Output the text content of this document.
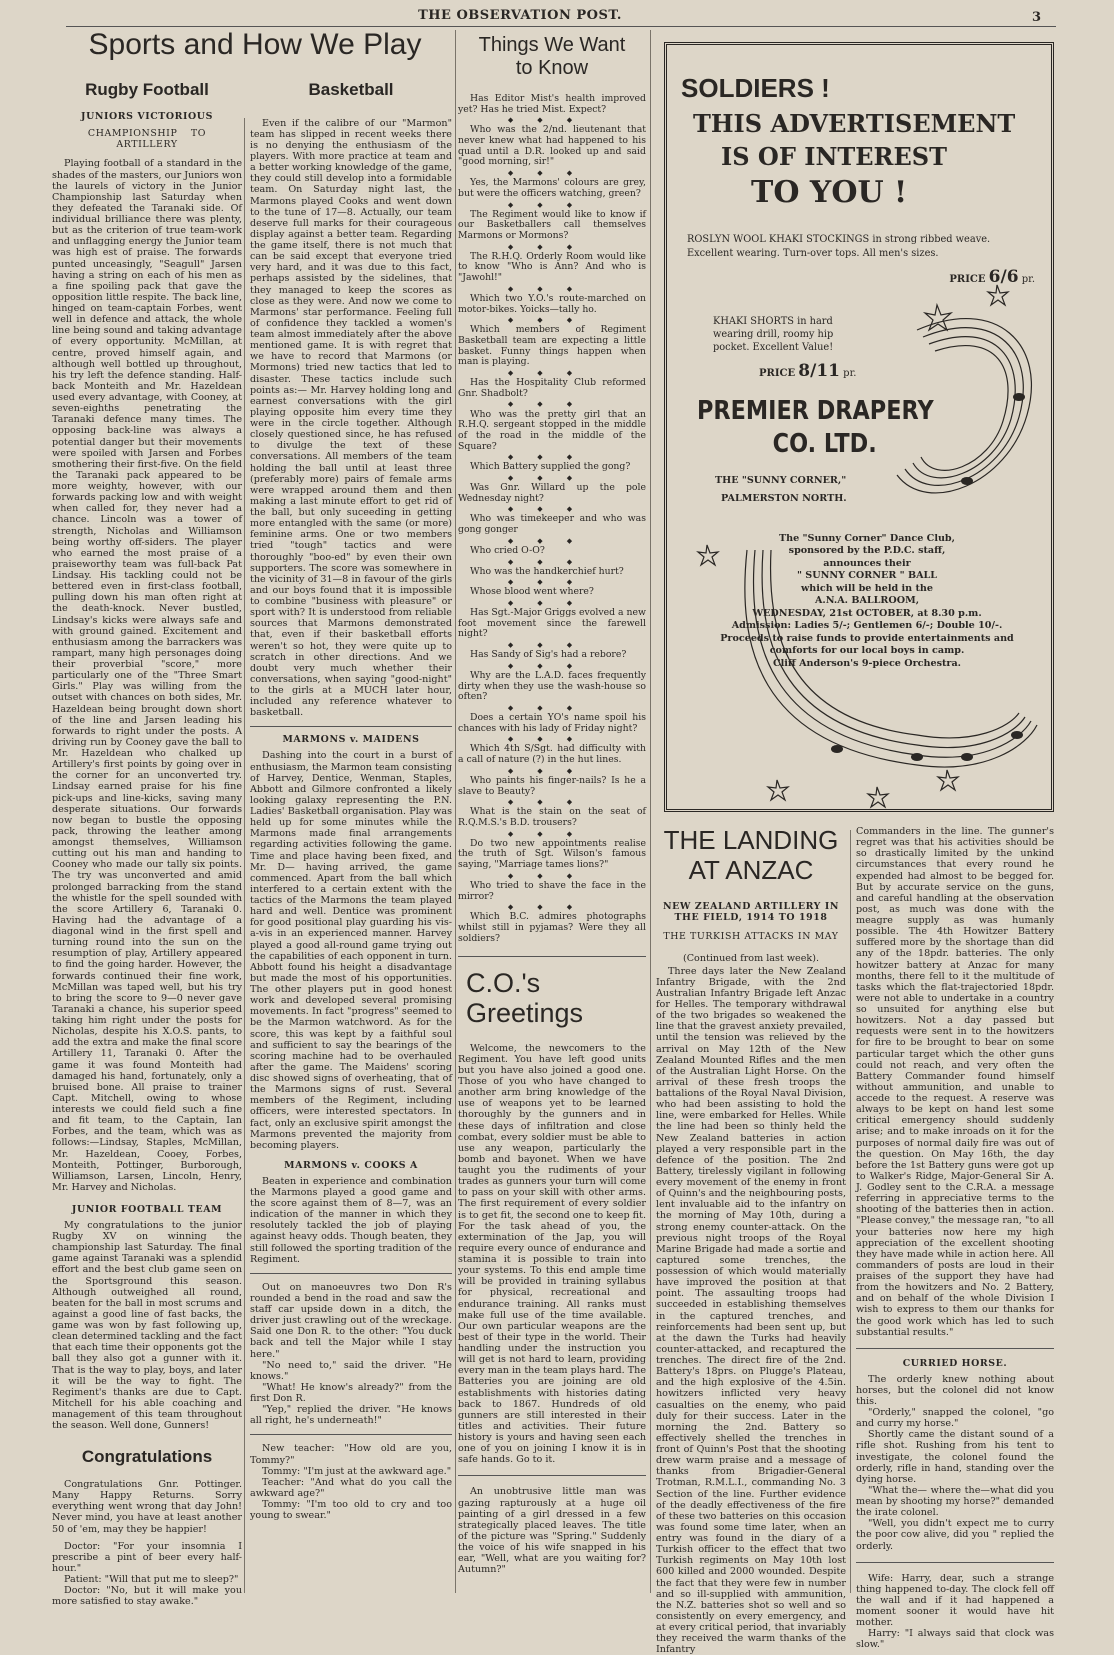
THE OBSERVATION POST.	3
Sports and How We Play
Rugby Football
JUNIORS VICTORIOUS
CHAMPIONSHIP TO ARTILLERY

Playing football of a standard in the shades of the masters, our Juniors won the laurels of victory in the Junior Championship last Saturday when they defeated the Taranaki side. Of individual brilliance there was plenty, but as the criterion of true team-work and unflagging energy the Junior team was high est of praise. The forwards punted unceasingly, "Seagull" Jarsen having a string on each of his men as a fine spoiling pack that gave the opposition little respite. The back line, hinged on team-captain Forbes, went well in defence and attack, the whole line being sound and taking advantage of every opportunity. McMillan, at centre, proved himself again, and although well bottled up throughout, his try left the defence standing. Half-back Monteith and Mr. Hazeldean used every advantage, with Cooney, at seven-eighths penetrating the Taranaki defence many times. The opposing back-line was always a potential danger but their movements were spoiled with Jarsen and Forbes smothering their first-five. On the field the Taranaki pack appeared to be more weighty, however, with our forwards packing low and with weight when called for, they never had a chance. Lincoln was a tower of strength, Nicholas and Williamson being worthy off-siders. The player who earned the most praise of a praiseworthy team was full-back Pat Lindsay. His tackling could not be bettered even in first-class football, pulling down his man often right at the death-knock. Never bustled, Lindsay's kicks were always safe and with ground gained. Excitement and enthusiasm among the barrackers was rampart, many high personages doing their proverbial "score," more particularly one of the "Three Smart Girls." Play was willing from the outset with chances on both sides, Mr. Hazeldean being brought down short of the line and Jarsen leading his forwards to right under the posts. A driving run by Cooney gave the ball to Mr. Hazeldean who chalked up Artillery's first points by going over in the corner for an unconverted try. Lindsay earned praise for his fine pick-ups and line-kicks, saving many desperate situations. Our forwards now began to bustle the opposing pack, throwing the leather among amongst themselves, Williamson cutting out his man and handing to Cooney who made our tally six points. The try was unconverted and amid prolonged barracking from the stand the whistle for the spell sounded with the score Artillery 6, Taranaki 0. Having had the advantage of a diagonal wind in the first spell and turning round into the sun on the resumption of play, Artillery appeared to find the going harder. However, the forwards continued their fine work, McMillan was taped well, but his try to bring the score to 9—0 never gave Taranaki a chance, his superior speed taking him right under the posts for Nicholas, despite his X.O.S. pants, to add the extra and make the final score Artillery 11, Taranaki 0. After the game it was found Monteith had damaged his hand, fortunately, only a bruised bone. All praise to trainer Capt. Mitchell, owing to whose interests we could field such a fine and fit team, to the Captain, Ian Forbes, and the team, which was as follows:—Lindsay, Staples, McMillan, Mr. Hazeldean, Cooey, Forbes, Monteith, Pottinger, Burborough, Williamson, Larsen, Lincoln, Henry, Mr. Harvey and Nicholas.

JUNIOR FOOTBALL TEAM

My congratulations to the junior Rugby XV on winning the championship last Saturday. The final game against Taranaki was a splendid effort and the best club game seen on the Sportsground this season. Although outweighed all round, beaten for the ball in most scrums and against a good line of fast backs, the game was won by fast following up, clean determined tackling and the fact that each time their opponents got the ball they also got a gunner with it. That is the way to play, boys, and later it will be the way to fight. The Regiment's thanks are due to Capt. Mitchell for his able coaching and management of this team throughout the season. Well done, Gunners!

Congratulations

Congratulations Gnr. Pottinger. Many Happy Returns. Sorry everything went wrong that day John! Never mind, you have at least another 50 of 'em, may they be happier!

Doctor: "For your insomnia I prescribe a pint of beer every half-hour."

Patient: "Will that put me to sleep?"

Doctor: "No, but it will make you more satisfied to stay awake."

Basketball

Even if the calibre of our "Marmon" team has slipped in recent weeks there is no denying the enthusiasm of the players. With more practice at team and a better working knowledge of the game, they could still develop into a formidable team. On Saturday night last, the Marmons played Cooks and went down to the tune of 17—8. Actually, our team deserve full marks for their courageous display against a better team. Regarding the game itself, there is not much that can be said except that everyone tried very hard, and it was due to this fact, perhaps assisted by the sidelines, that they managed to keep the scores as close as they were. And now we come to Marmons' star performance. Feeling full of confidence they tackled a women's team almost immediately after the above mentioned game. It is with regret that we have to record that Marmons (or Mormons) tried new tactics that led to disaster. These tactics include such points as:— Mr. Harvey holding long and earnest conversations with the girl playing opposite him every time they were in the circle together. Although closely questioned since, he has refused to divulge the text of these conversations. All members of the team holding the ball until at least three (preferably more) pairs of female arms were wrapped around them and then making a last minute effort to get rid of the ball, but only suceeding in getting more entangled with the same (or more) feminine arms. One or two members tried "tough" tactics and were thoroughly "boo-ed" by even their own supporters. The score was somewhere in the vicinity of 31—8 in favour of the girls and our boys found that it is impossible to combine "business with pleasure" or sport with? It is understood from reliable sources that Marmons demonstrated that, even if their basketball efforts weren't so hot, they were quite up to scratch in other directions. And we doubt very much whether their conversations, when saying "good-night" to the girls at a MUCH later hour, included any reference whatever to basketball.

MARMONS v. MAIDENS

Dashing into the court in a burst of enthusiasm, the Marmon team consisting of Harvey, Dentice, Wenman, Staples, Abbott and Gilmore confronted a likely looking galaxy representing the P.N. Ladies' Basketball organisation. Play was held up for some minutes while the Marmons made final arrangements regarding activities following the game. Time and place having been fixed, and Mr. D— having arrived, the game commenced. Apart from the ball which interfered to a certain extent with the tactics of the Marmons the team played hard and well. Dentice was prominent for good positional play guarding his vis-a-vis in an experienced manner. Harvey played a good all-round game trying out the capabilities of each opponent in turn. Abbott found his height a disadvantage but made the most of his opportunities. The other players put in good honest work and developed several promising movements. In fact "progress" seemed to be the Marmon watchword. As for the score, this was kept by a faithful soul and sufficient to say the bearings of the scoring machine had to be overhauled after the game. The Maidens' scoring disc showed signs of overheating, that of the Marmons signs of rust. Several members of the Regiment, including officers, were interested spectators. In fact, only an exclusive spirit amongst the Marmons prevented the majority from becoming players.

MARMONS v. COOKS A

Beaten in experience and combination the Marmons played a good game and the score against them of 8—7, was an indication of the manner in which they resolutely tackled the job of playing against heavy odds. Though beaten, they still followed the sporting tradition of the Regiment.

Out on manoeuvres two Don R's rounded a bend in the road and saw the staff car upside down in a ditch, the driver just crawling out of the wreckage. Said one Don R. to the other: "You duck back and tell the Major while I stay here."

"No need to," said the driver. "He knows."

"What! He know's already?" from the first Don R.

"Yep," replied the driver. "He knows all right, he's underneath!"

New teacher: "How old are you, Tommy?"

Tommy: "I'm just at the awkward age."

Teacher: "And what do you call the awkward age?"

Tommy: "I'm too old to cry and too young to swear."

Things We Want to Know

Has Editor Mist's health improved yet? Has he tried Mist. Expect?

◆◆◆

Who was the 2/nd. lieutenant that never knew what had happened to his quad until a D.R. looked up and said "good morning, sir!"

◆◆◆

Yes, the Marmons' colours are grey, but were the officers watching, green?

◆◆◆

The Regiment would like to know if our Basketballers call themselves Marmons or Mormons?

◆◆◆

The R.H.Q. Orderly Room would like to know "Who is Ann? And who is "Jawohl!"

◆◆◆

Which two Y.O.'s route-marched on motor-bikes. Yoicks—tally ho.

◆◆◆

Which members of Regiment Basketball team are expecting a little basket. Funny things happen when man is playing.

◆◆◆

Has the Hospitality Club reformed Gnr. Shadbolt?

◆◆◆

Who was the pretty girl that an R.H.Q. sergeant stopped in the middle of the road in the middle of the Square?

◆◆◆

Which Battery supplied the gong?

◆◆◆

Was Gnr. Willard up the pole Wednesday night?

◆◆◆

Who was timekeeper and who was gong gonger

◆◆◆

Who cried O-O?

◆◆◆

Who was the handkerchief hurt?

◆◆◆

Whose blood went where?

◆◆◆

Has Sgt.-Major Griggs evolved a new foot movement since the farewell night?

◆◆◆

Has Sandy of Sig's had a rebore?

◆◆◆

Why are the L.A.D. faces frequently dirty when they use the wash-house so often?

◆◆◆

Does a certain YO's name spoil his chances with his lady of Friday night?

◆◆◆

Which 4th S/Sgt. had difficulty with a call of nature (?) in the hut lines.

◆◆◆

Who paints his finger-nails? Is he a slave to Beauty?

◆◆◆

What is the stain on the seat of R.Q.M.S.'s B.D. trousers?

◆◆◆

Do two new appointments realise the truth of Sgt. Wilson's famous saying, "Marriage tames lions?"

◆◆◆

Who tried to shave the face in the mirror?

◆◆◆

Which B.C. admires photographs whilst still in pyjamas? Were they all soldiers?

C.O.'s
Greetings

Welcome, the newcomers to the Regiment. You have left good units but you have also joined a good one. Those of you who have changed to another arm bring knowledge of the use of weapons yet to be learned thoroughly by the gunners and in these days of infiltration and close combat, every soldier must be able to use any weapon, particularly the bomb and bayonet. When we have taught you the rudiments of your trades as gunners your turn will come to pass on your skill with other arms. The first requirement of every soldier is to get fit, the second one to keep fit. For the task ahead of you, the extermination of the Jap, you will require every ounce of endurance and stamina it is possible to train into your systems. To this end ample time will be provided in training syllabus for physical, recreational and endurance training. All ranks must make full use of the time available. Our own particular weapons are the best of their type in the world. Their handling under the instruction you will get is not hard to learn, providing every man in the team plays hard. The Batteries you are joining are old establishments with histories dating back to 1867. Hundreds of old gunners are still interested in their titles and activities. Their future history is yours and having seen each one of you on joining I know it is in safe hands. Go to it.

An unobtrusive little man was gazing rapturously at a huge oil painting of a girl dressed in a few strategically placed leaves. The title of the picture was "Spring." Suddenly the voice of his wife snapped in his ear, "Well, what are you waiting for? Autumn?"

SOLDIERS !
THIS ADVERTISEMENT
IS OF INTEREST
TO YOU !
ROSLYN WOOL KHAKI STOCKINGS in strong ribbed weave. Excellent wearing. Turn-over tops. All men's sizes.
PRICE 6/6 pr.
KHAKI SHORTS in hard wearing drill, roomy hip pocket. Excellent Value!
PRICE 8/11 pr.
PREMIER DRAPERY
CO. LTD.
THE "SUNNY CORNER,"
PALMERSTON NORTH.
The "Sunny Corner" Dance Club,
sponsored by the P.D.C. staff,
announces their
" SUNNY CORNER " BALL
which will be held in the
A.N.A. BALLROOM,
WEDNESDAY, 21st OCTOBER, at 8.30 p.m.
Admission: Ladies 5/-; Gentlemen 6/-; Double 10/-.
Proceeds to raise funds to provide entertainments and
comforts for our local boys in camp.
Cliff Anderson's 9-piece Orchestra.
THE LANDING
AT ANZAC
NEW ZEALAND ARTILLERY IN THE FIELD, 1914 TO 1918
THE TURKISH ATTACKS IN MAY
(Continued from last week).

Three days later the New Zealand Infantry Brigade, with the 2nd Australian Infantry Brigade left Anzac for Helles. The temporary withdrawal of the two brigades so weakened the line that the gravest anxiety prevailed, until the tension was relieved by the arrival on May 12th of the New Zealand Mounted Rifles and the men of the Australian Light Horse. On the arrival of these fresh troops the battalions of the Royal Naval Division, who had been assisting to hold the line, were embarked for Helles. While the line had been so thinly held the New Zealand batteries in action played a very responsible part in the defence of the position. The 2nd Battery, tirelessly vigilant in following every movement of the enemy in front of Quinn's and the neighbouring posts, lent invaluable aid to the infantry on the morning of May 10th, during a strong enemy counter-attack. On the previous night troops of the Royal Marine Brigade had made a sortie and captured some trenches, the possession of which would materially have improved the position at that point. The assaulting troops had succeeded in establishing themselves in the captured trenches, and reinforcements had been sent up, but at the dawn the Turks had heavily counter-attacked, and recaptured the trenches. The direct fire of the 2nd. Battery's 18prs. on Plugge's Plateau, and the high explosive of the 4.5in. howitzers inflicted very heavy casualties on the enemy, who paid duly for their success. Later in the morning the 2nd. Battery so effectively shelled the trenches in front of Quinn's Post that the shooting drew warm praise and a message of thanks from Brigadier-General Trotman, R.M.L.I., commanding No. 3 Section of the line. Further evidence of the deadly effectiveness of the fire of these two batteries on this occasion was found some time later, when an entry was found in the diary of a Turkish officer to the effect that two Turkish regiments on May 10th lost 600 killed and 2000 wounded. Despite the fact that they were few in number and so ill-supplied with ammunition, the N.Z. batteries shot so well and so consistently on every emergency, and at every critical period, that invariably they received the warm thanks of the Infantry

Commanders in the line. The gunner's regret was that his activities should be so drastically limited by the unkind circumstances that every round he expended had almost to be begged for. But by accurate service on the guns, and careful handling at the observation post, as much was done with the meagre supply as was humanly possible. The 4th Howitzer Battery suffered more by the shortage than did any of the 18pdr. batteries. The only howitzer battery at Anzac for many months, there fell to it the multitude of tasks which the flat-trajectoried 18pdr. were not able to undertake in a country so unsuited for anything else but howitzers. Not a day passed but requests were sent in to the howitzers for fire to be brought to bear on some particular target which the other guns could not reach, and very often the Battery Commander found himself without ammunition, and unable to accede to the request. A reserve was always to be kept on hand lest some critical emergency should suddenly arise; and to make inroads on it for the purposes of normal daily fire was out of the question. On May 16th, the day before the 1st Battery guns were got up to Walker's Ridge, Major-General Sir A. J. Godley sent to the C.R.A. a message referring in appreciative terms to the shooting of the batteries then in action. "Please convey," the message ran, "to all your batteries now here my high appreciation of the excellent shooting they have made while in action here. All commanders of posts are loud in their praises of the support they have had from the howitzers and No. 2 Battery, and on behalf of the whole Division I wish to express to them our thanks for the good work which has led to such substantial results."

CURRIED HORSE.

The orderly knew nothing about horses, but the colonel did not know this.

"Orderly," snapped the colonel, "go and curry my horse."

Shortly came the distant sound of a rifle shot. Rushing from his tent to investigate, the colonel found the orderly, rifle in hand, standing over the dying horse.

"What the— where the—what did you mean by shooting my horse?" demanded the irate colonel.

"Well, you didn't expect me to curry the poor cow alive, did you " replied the orderly.

Wife: Harry, dear, such a strange thing happened to-day. The clock fell off the wall and if it had happened a moment sooner it would have hit mother.

Harry: "I always said that clock was slow."
